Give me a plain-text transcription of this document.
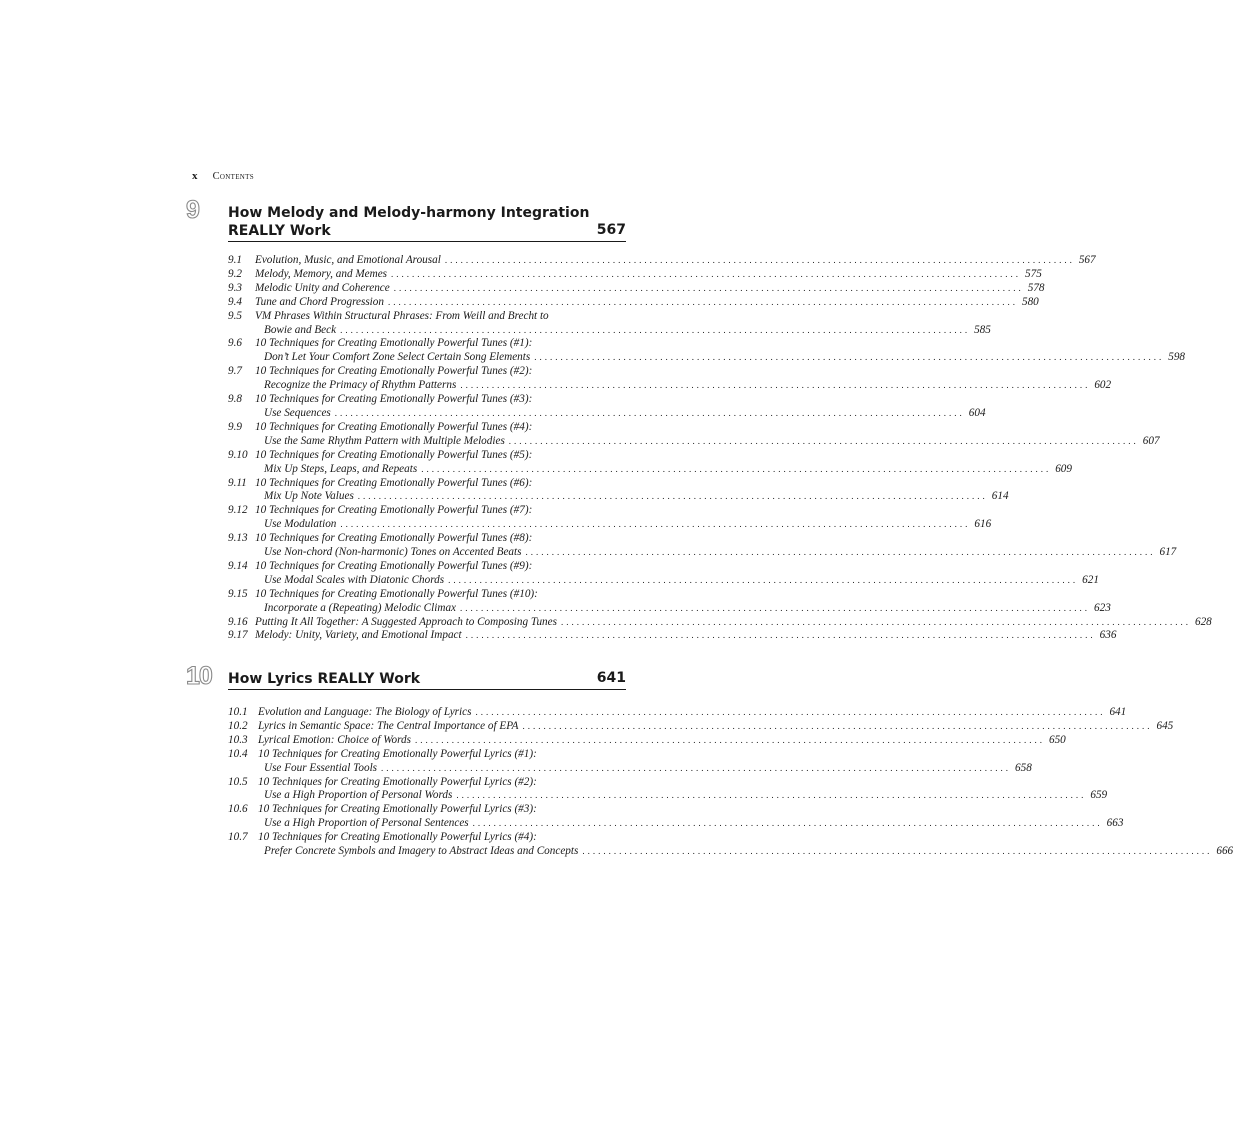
x Contents
9 How Melody and Melody-harmony Integration
REALLY Work	567
9.1	Evolution, Music, and Emotional Arousal ........................................................................................................................ 567
9.2	Melody, Memory, and Memes ........................................................................................................................ 575
9.3	Melodic Unity and Coherence ........................................................................................................................ 578
9.4	Tune and Chord Progression ........................................................................................................................ 580
9.5	VM Phrases Within Structural Phrases: From Weill and Brecht to
Bowie and Beck ........................................................................................................................ 585
9.6	10 Techniques for Creating Emotionally Powerful Tunes (#1):
Don’t Let Your Comfort Zone Select Certain Song Elements ........................................................................................................................ 598
9.7	10 Techniques for Creating Emotionally Powerful Tunes (#2):
Recognize the Primacy of Rhythm Patterns ........................................................................................................................ 602
9.8	10 Techniques for Creating Emotionally Powerful Tunes (#3):
Use Sequences ........................................................................................................................ 604
9.9	10 Techniques for Creating Emotionally Powerful Tunes (#4):
Use the Same Rhythm Pattern with Multiple Melodies ........................................................................................................................ 607
9.10 10 Techniques for Creating Emotionally Powerful Tunes (#5):
Mix Up Steps, Leaps, and Repeats ........................................................................................................................ 609
9.11 10 Techniques for Creating Emotionally Powerful Tunes (#6):
Mix Up Note Values ........................................................................................................................ 614
9.12 10 Techniques for Creating Emotionally Powerful Tunes (#7):
Use Modulation ........................................................................................................................ 616
9.13 10 Techniques for Creating Emotionally Powerful Tunes (#8):
Use Non-chord (Non-harmonic) Tones on Accented Beats ........................................................................................................................ 617
9.14 10 Techniques for Creating Emotionally Powerful Tunes (#9):
Use Modal Scales with Diatonic Chords ........................................................................................................................ 621
9.15 10 Techniques for Creating Emotionally Powerful Tunes (#10):
Incorporate a (Repeating) Melodic Climax ........................................................................................................................ 623
9.16 Putting It All Together: A Suggested Approach to Composing Tunes ........................................................................................................................ 628
9.17 Melody: Unity, Variety, and Emotional Impact ........................................................................................................................ 636
10 How Lyrics REALLY Work	641
10.1 Evolution and Language: The Biology of Lyrics ........................................................................................................................ 641
10.2 Lyrics in Semantic Space: The Central Importance of EPA ........................................................................................................................ 645
10.3 Lyrical Emotion: Choice of Words ........................................................................................................................ 650
10.4 10 Techniques for Creating Emotionally Powerful Lyrics (#1):
Use Four Essential Tools ........................................................................................................................ 658
10.5 10 Techniques for Creating Emotionally Powerful Lyrics (#2):
Use a High Proportion of Personal Words ........................................................................................................................ 659
10.6 10 Techniques for Creating Emotionally Powerful Lyrics (#3):
Use a High Proportion of Personal Sentences ........................................................................................................................ 663
10.7 10 Techniques for Creating Emotionally Powerful Lyrics (#4):
Prefer Concrete Symbols and Imagery to Abstract Ideas and Concepts ........................................................................................................................ 666
